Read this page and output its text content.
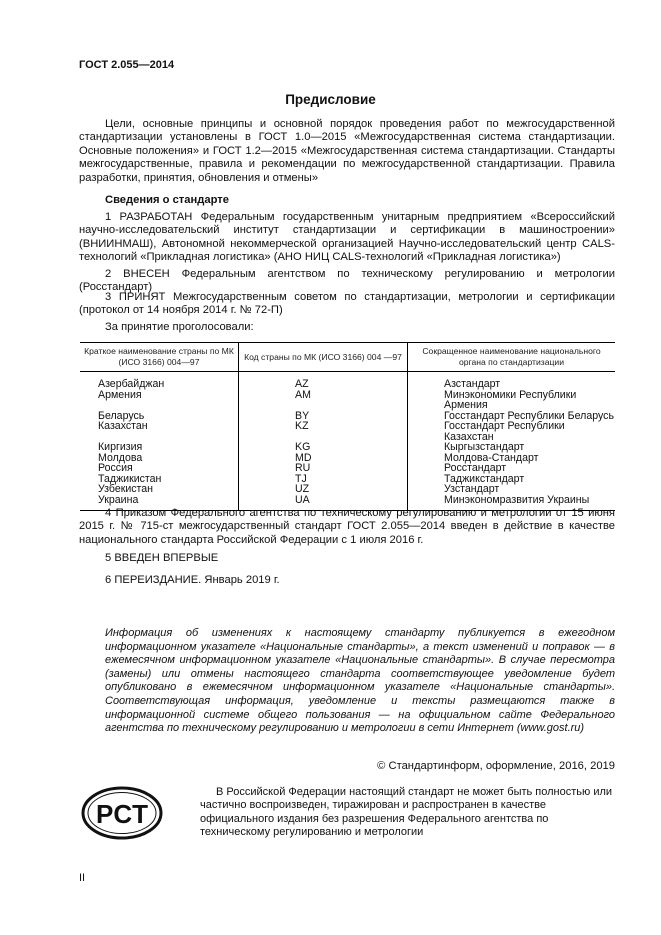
ГОСТ 2.055—2014
Предисловие

Цели, основные принципы и основной порядок проведения работ по межгосударственной стандартизации установлены в ГОСТ 1.0—2015 «Межгосударственная система стандартизации. Основные положения» и ГОСТ 1.2—2015 «Межгосударственная система стандартизации. Стандарты межгосударственные, правила и рекомендации по межгосударственной стандартизации. Правила разработки, принятия, обновления и отмены»

Сведения о стандарте

1 РАЗРАБОТАН Федеральным государственным унитарным предприятием «Всероссийский научно-исследовательский институт стандартизации и сертификации в машиностроении» (ВНИИНМАШ), Автономной некоммерческой организацией Научно-исследовательский центр CALS-технологий «Прикладная логистика» (АНО НИЦ CALS-технологий «Прикладная логистика»)

2 ВНЕСЕН Федеральным агентством по техническому регулированию и метрологии (Росстандарт)

3 ПРИНЯТ Межгосударственным советом по стандартизации, метрологии и сертификации (протокол от 14 ноября 2014 г. № 72-П)

За принятие проголосовали:
Краткое наименование страны по МК (ИСО 3166) 004—97	Код страны по МК (ИСО 3166) 004 —97	Сокращенное наименование национального органа по стандартизации
Азербайджан	AZ	Азстандарт
Армения	AM	Минэкономики Республики Армения
Беларусь	BY	Госстандарт Республики Беларусь
Казахстан	KZ	Госстандарт Республики Казахстан
Киргизия	KG	Кыргызстандарт
Молдова	MD	Молдова-Стандарт
Россия	RU	Росстандарт
Таджикистан	TJ	Таджикстандарт
Узбекистан	UZ	Узстандарт
Украина	UA	Минэкономразвития Украины

4 Приказом Федерального агентства по техническому регулированию и метрологии от 15 июня 2015 г. № 715-ст межгосударственный стандарт ГОСТ 2.055—2014 введен в действие в качестве национального стандарта Российской Федерации с 1 июля 2016 г.

5 ВВЕДЕН ВПЕРВЫЕ
6 ПЕРЕИЗДАНИЕ. Январь 2019 г.

Информация об изменениях к настоящему стандарту публикуется в ежегодном информационном указателе «Национальные стандарты», а текст изменений и поправок — в ежемесячном информационном указателе «Национальные стандарты». В случае пересмотра (замены) или отмены настоящего стандарта соответствующее уведомление будет опубликовано в ежемесячном информационном указателе «Национальные стандарты». Соответствующая информация, уведомление и тексты размещаются также в информационной системе общего пользования — на официальном сайте Федерального агентства по техническому регулированию и метрологии в сети Интернет (www.gost.ru)

© Стандартинформ, оформление, 2016, 2019
PCT

В Российской Федерации настоящий стандарт не может быть полностью или частично воспроизведен, тиражирован и распространен в качестве официального издания без разрешения Федерального агентства по техническому регулированию и метрологии

II
